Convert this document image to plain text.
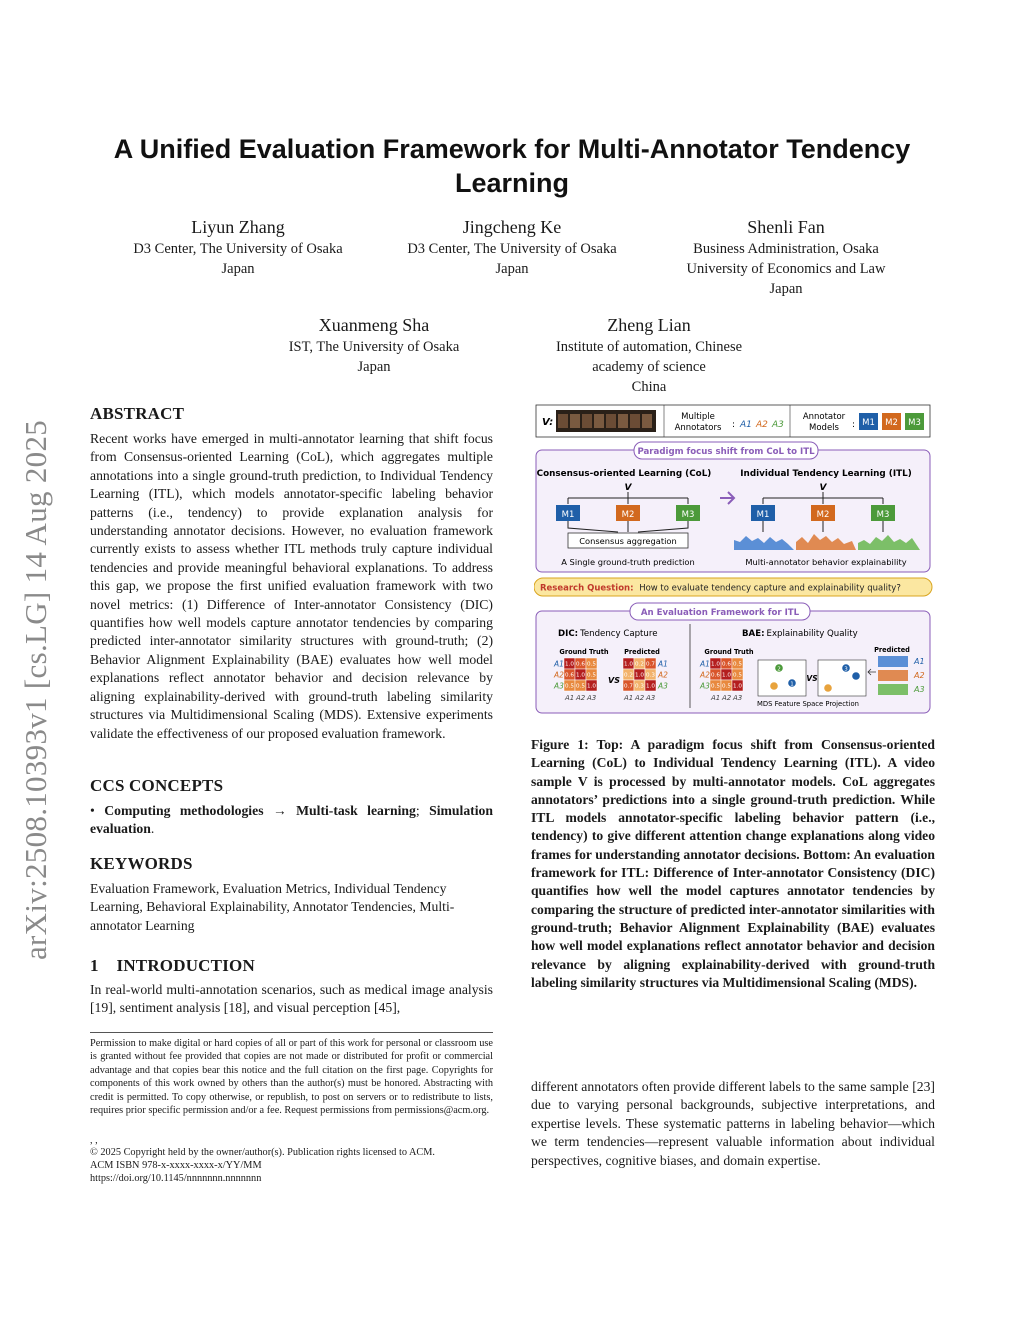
arXiv:2508.10393v1 [cs.LG] 14 Aug 2025
A Unified Evaluation Framework for Multi-Annotator Tendency Learning
Liyun Zhang
D3 Center, The University of Osaka
Japan
Jingcheng Ke
D3 Center, The University of Osaka
Japan
Shenli Fan
Business Administration, Osaka
University of Economics and Law
Japan
Xuanmeng Sha
IST, The University of Osaka
Japan
Zheng Lian
Institute of automation, Chinese
academy of science
China
ABSTRACT
Recent works have emerged in multi-annotator learning that shift focus from Consensus-oriented Learning (CoL), which aggregates multiple annotations into a single ground-truth prediction, to Individual Tendency Learning (ITL), which models annotator-specific labeling behavior patterns (i.e., tendency) to provide explanation analysis for understanding annotator decisions. However, no evaluation framework currently exists to assess whether ITL methods truly capture individual tendencies and provide meaningful behavioral explanations. To address this gap, we propose the first unified evaluation framework with two novel metrics: (1) Difference of Inter-annotator Consistency (DIC) quantifies how well models capture annotator tendencies by comparing predicted inter-annotator similarity structures with ground-truth; (2) Behavior Alignment Explainability (BAE) evaluates how well model explanations reflect annotator behavior and decision relevance by aligning explainability-derived with ground-truth labeling similarity structures via Multidimensional Scaling (MDS). Extensive experiments validate the effectiveness of our proposed evaluation framework.
CCS CONCEPTS
• Computing methodologies → Multi-task learning; Simulation evaluation.
KEYWORDS
Evaluation Framework, Evaluation Metrics, Individual Tendency Learning, Behavioral Explainability, Annotator Tendencies, Multi-annotator Learning
1    INTRODUCTION
In real-world multi-annotation scenarios, such as medical image analysis [19], sentiment analysis [18], and visual perception [45],
Permission to make digital or hard copies of all or part of this work for personal or classroom use is granted without fee provided that copies are not made or distributed for profit or commercial advantage and that copies bear this notice and the full citation on the first page. Copyrights for components of this work owned by others than the author(s) must be honored. Abstracting with credit is permitted. To copy otherwise, or republish, to post on servers or to redistribute to lists, requires prior specific permission and/or a fee. Request permissions from permissions@acm.org.
, ,
© 2025 Copyright held by the owner/author(s). Publication rights licensed to ACM.
ACM ISBN 978-x-xxxx-xxxx-x/YY/MM
https://doi.org/10.1145/nnnnnnn.nnnnnnn
V:	Multiple
Annotators : A1 A2 A3
Annotator
Models : M1 M2 M3
Paradigm focus shift from CoL to ITL
Consensus-oriented Learning (CoL)	Individual Tendency Learning (ITL)
V	V
M1	M2	M3
Consensus aggregation
A Single ground-truth prediction
M1	M2	M3
Multi-annotator behavior explainability
Research Question: How to evaluate tendency capture and explainability quality?
An Evaluation Framework for ITL
DIC: Tendency Capture	BAE: Explainability Quality
Ground Truth Predicted	Ground Truth	Predicted
1.0 0.6 0.5
A1
0.6 1.0 0.5
A2
0.5 0.5 1.0
A3
A1 A2 A3
1.0 0.2 0.7 A1
0.2 1.0 0.3 A2
0.7 0.3 1.0 A3
A1 A2 A3
1.0 0.6 0.5
A1
0.6 1.0 0.5
A2
0.5 0.5 1.0
A3
A1 A2 A3
VS	VS
2	3
1
A1
A2
A3
MDS Feature Space Projection
Figure 1: Top: A paradigm focus shift from Consensus-oriented Learning (CoL) to Individual Tendency Learning (ITL). A video sample V is processed by multi-annotator models. CoL aggregates annotators’ predictions into a single ground-truth prediction. While ITL models annotator-specific labeling behavior pattern (i.e., tendency) to give different attention change explanations along video frames for understanding annotator decisions. Bottom: An evaluation framework for ITL: Difference of Inter-annotator Consistency (DIC) quantifies how well the model captures annotator tendencies by comparing the structure of predicted inter-annotator similarities with ground-truth; Behavior Alignment Explainability (BAE) evaluates how well model explanations reflect annotator behavior and decision relevance by aligning explainability-derived with ground-truth labeling similarity structures via Multidimensional Scaling (MDS).
different annotators often provide different labels to the same sample [23] due to varying personal backgrounds, subjective interpretations, and expertise levels. These systematic patterns in labeling behavior—which we term tendencies—represent valuable information about individual perspectives, cognitive biases, and domain expertise.
